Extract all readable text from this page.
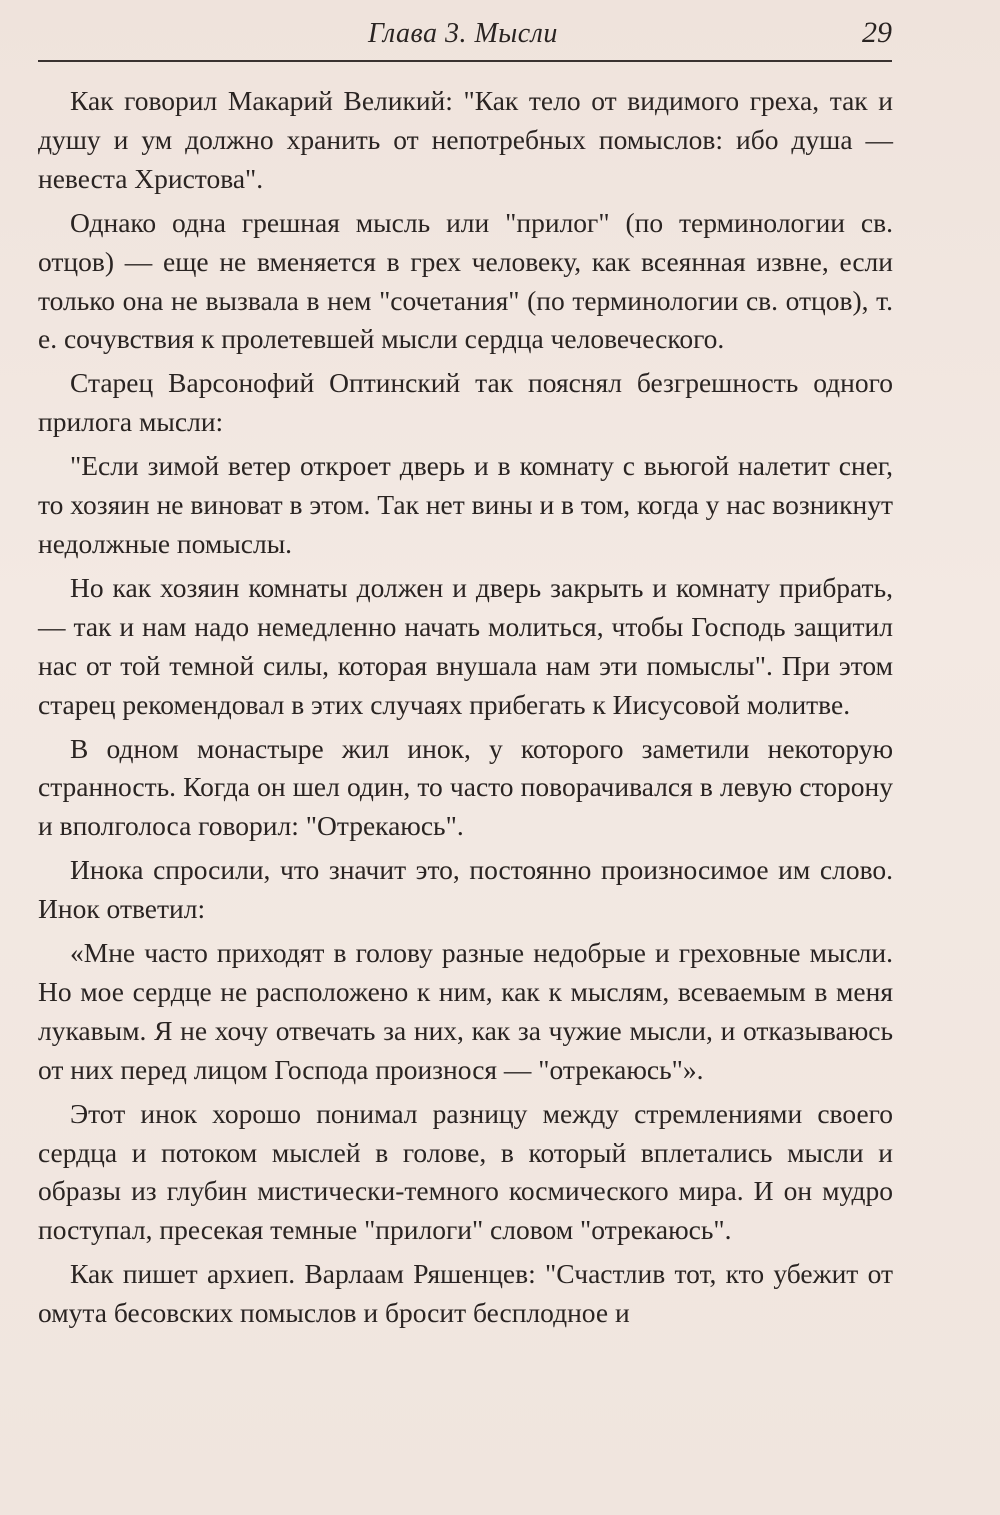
Глава 3. Мысли	29

Как говорил Макарий Великий: "Как тело от видимого греха, так и душу и ум должно хранить от непотребных помыслов: ибо душа — невеста Христова".

Однако одна грешная мысль или "прилог" (по терминологии св. отцов) — еще не вменяется в грех человеку, как всеянная извне, если только она не вызвала в нем "сочетания" (по терминологии св. отцов), т. е. сочувствия к пролетевшей мысли сердца человеческого.

Старец Варсонофий Оптинский так пояснял безгрешность одного прилога мысли:

"Если зимой ветер откроет дверь и в комнату с вьюгой налетит снег, то хозяин не виноват в этом. Так нет вины и в том, когда у нас возникнут недолжные помыслы.

Но как хозяин комнаты должен и дверь закрыть и комнату прибрать, — так и нам надо немедленно начать молиться, чтобы Господь защитил нас от той темной силы, которая внушала нам эти помыслы". При этом старец рекомендовал в этих случаях прибегать к Иисусовой молитве.

В одном монастыре жил инок, у которого заметили некоторую странность. Когда он шел один, то часто поворачивался в левую сторону и вполголоса говорил: "Отрекаюсь".

Инока спросили, что значит это, постоянно произносимое им слово. Инок ответил:

«Мне часто приходят в голову разные недобрые и греховные мысли. Но мое сердце не расположено к ним, как к мыслям, всеваемым в меня лукавым. Я не хочу отвечать за них, как за чужие мысли, и отказываюсь от них перед лицом Господа произнося — "отрекаюсь"».

Этот инок хорошо понимал разницу между стремлениями своего сердца и потоком мыслей в голове, в который вплетались мысли и образы из глубин мистически-темного космического мира. И он мудро поступал, пресекая темные "прилоги" словом "отрекаюсь".

Как пишет архиеп. Варлаам Ряшенцев: "Счастлив тот, кто убежит от омута бесовских помыслов и бросит бесплодное и
